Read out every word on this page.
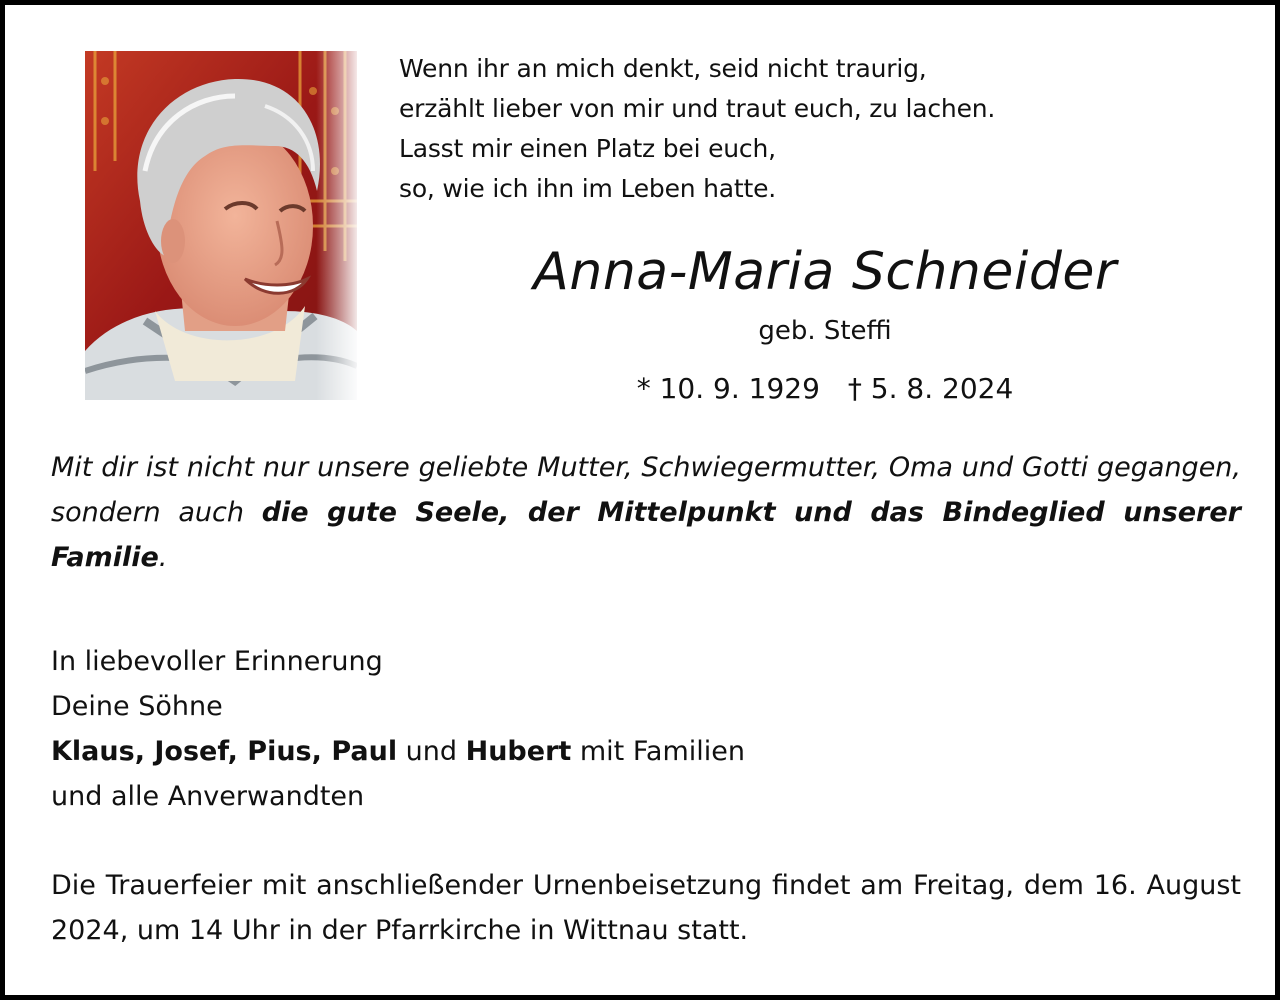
Wenn ihr an mich denkt, seid nicht traurig,
erzählt lieber von mir und traut euch, zu lachen.
Lasst mir einen Platz bei euch,
so, wie ich ihn im Leben hatte.
Anna-Maria Schneider
geb. Steffi
* 10. 9. 1929 † 5. 8. 2024
Mit dir ist nicht nur unsere geliebte Mutter, Schwiegermutter, Oma und Gotti gegangen, sondern auch die gute Seele, der Mittelpunkt und das Bindeglied unserer Familie.
In liebevoller Erinnerung
Deine Söhne
Klaus, Josef, Pius, Paul und Hubert mit Familien
und alle Anverwandten
Die Trauerfeier mit anschließender Urnenbeisetzung findet am Freitag, dem 16. August 2024, um 14 Uhr in der Pfarrkirche in Wittnau statt.
